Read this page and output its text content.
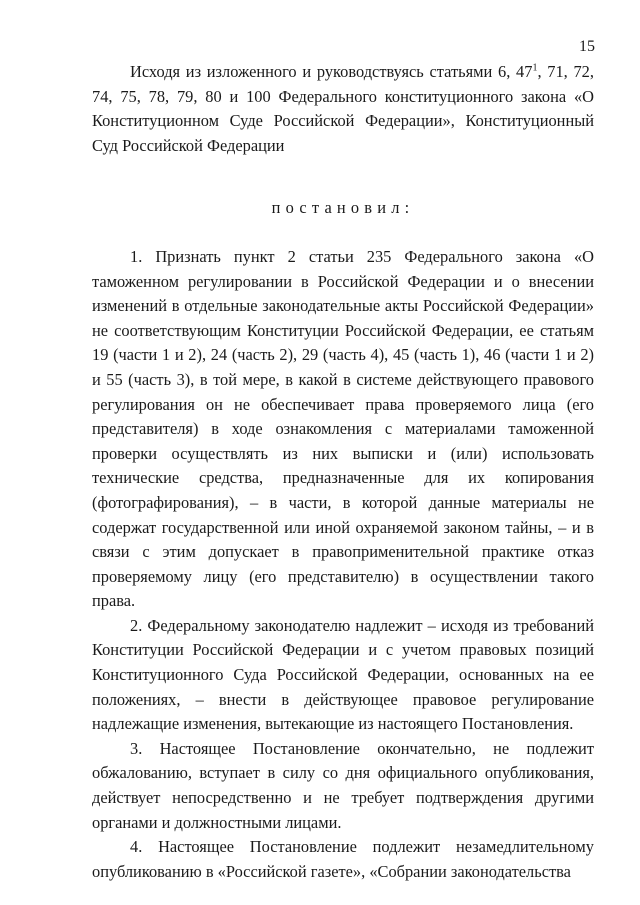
15

Исходя из изложенного и руководствуясь статьями 6, $47^1$, 71, 72, 74, 75, 78, 79, 80 и 100 Федерального конституционного закона «О Конституционном Суде Российской Федерации», Конституционный Суд Российской Федерации

постановил:

1. Признать пункт 2 статьи 235 Федерального закона «О таможенном регулировании в Российской Федерации и о внесении изменений в отдельные законодательные акты Российской Федерации» не соответствующим Конституции Российской Федерации, ее статьям 19 (части 1 и 2), 24 (часть 2), 29 (часть 4), 45 (часть 1), 46 (части 1 и 2) и 55 (часть 3), в той мере, в какой в системе действующего правового регулирования он не обеспечивает права проверяемого лица (его представителя) в ходе ознакомления с материалами таможенной проверки осуществлять из них выписки и (или) использовать технические средства, предназначенные для их копирования (фотографирования), – в части, в которой данные материалы не содержат государственной или иной охраняемой законом тайны, – и в связи с этим допускает в правоприменительной практике отказ проверяемому лицу (его представителю) в осуществлении такого права.

2. Федеральному законодателю надлежит – исходя из требований Конституции Российской Федерации и с учетом правовых позиций Конституционного Суда Российской Федерации, основанных на ее положениях, – внести в действующее правовое регулирование надлежащие изменения, вытекающие из настоящего Постановления.

3. Настоящее Постановление окончательно, не подлежит обжалованию, вступает в силу со дня официального опубликования, действует непосредственно и не требует подтверждения другими органами и должностными лицами.

4. Настоящее Постановление подлежит незамедлительному опубликованию в «Российской газете», «Собрании законодательства
